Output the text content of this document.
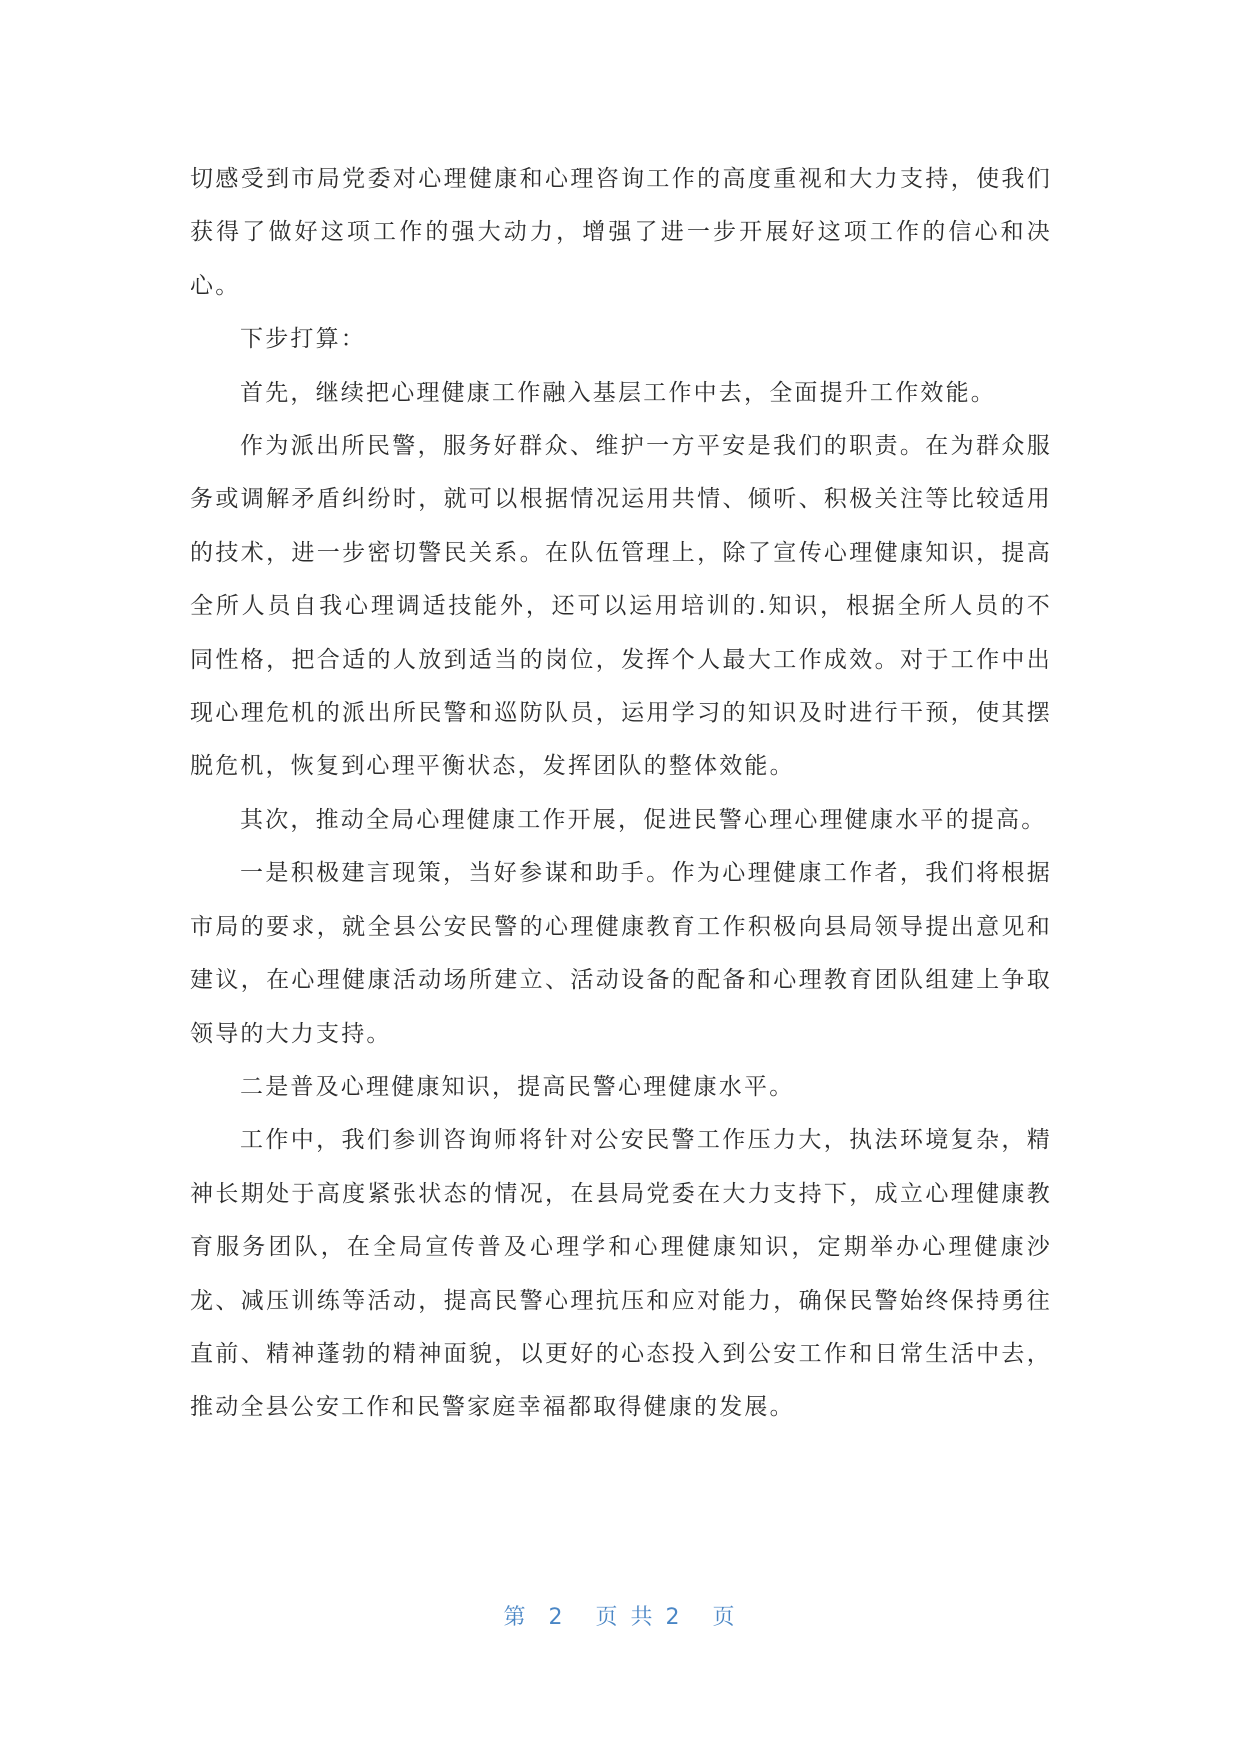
切感受到市局党委对心理健康和心理咨询工作的高度重视和大力支持，使我们获得了做好这项工作的强大动力，增强了进一步开展好这项工作的信心和决心。

下步打算：

首先，继续把心理健康工作融入基层工作中去，全面提升工作效能。

作为派出所民警，服务好群众、维护一方平安是我们的职责。在为群众服务或调解矛盾纠纷时，就可以根据情况运用共情、倾听、积极关注等比较适用的技术，进一步密切警民关系。在队伍管理上，除了宣传心理健康知识，提高全所人员自我心理调适技能外，还可以运用培训的.知识，根据全所人员的不同性格，把合适的人放到适当的岗位，发挥个人最大工作成效。对于工作中出现心理危机的派出所民警和巡防队员，运用学习的知识及时进行干预，使其摆脱危机，恢复到心理平衡状态，发挥团队的整体效能。

其次，推动全局心理健康工作开展，促进民警心理心理健康水平的提高。

一是积极建言现策，当好参谋和助手。作为心理健康工作者，我们将根据市局的要求，就全县公安民警的心理健康教育工作积极向县局领导提出意见和建议，在心理健康活动场所建立、活动设备的配备和心理教育团队组建上争取领导的大力支持。

二是普及心理健康知识，提高民警心理健康水平。

工作中，我们参训咨询师将针对公安民警工作压力大，执法环境复杂，精神长期处于高度紧张状态的情况，在县局党委在大力支持下，成立心理健康教育服务团队，在全局宣传普及心理学和心理健康知识，定期举办心理健康沙龙、减压训练等活动，提高民警心理抗压和应对能力，确保民警始终保持勇往直前、精神蓬勃的精神面貌，以更好的心态投入到公安工作和日常生活中去，推动全县公安工作和民警家庭幸福都取得健康的发展。

第  2   页 共 2   页
